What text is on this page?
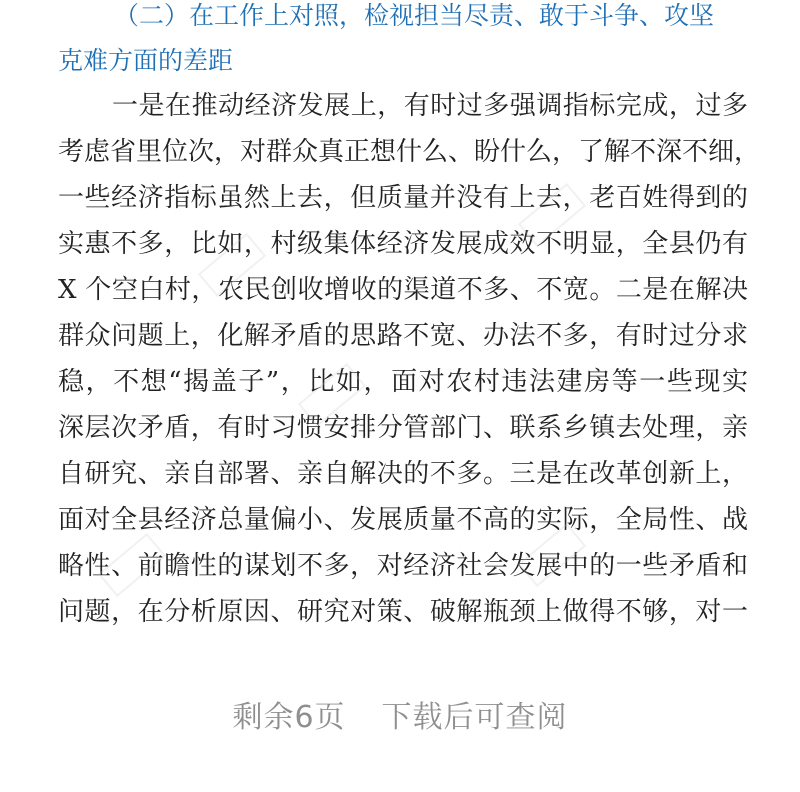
（二）在工作上对照，检视担当尽责、敢于斗争、攻坚
克难方面的差距
一是在推动经济发展上，有时过多强调指标完成，过多
考虑省里位次，对群众真正想什么、盼什么，了解不深不细，
一些经济指标虽然上去，但质量并没有上去，老百姓得到的
实惠不多，比如，村级集体经济发展成效不明显，全县仍有
X 个空白村，农民创收增收的渠道不多、不宽。二是在解决
群众问题上，化解矛盾的思路不宽、办法不多，有时过分求
稳，不想“揭盖子”，比如，面对农村违法建房等一些现实
深层次矛盾，有时习惯安排分管部门、联系乡镇去处理，亲
自研究、亲自部署、亲自解决的不多。三是在改革创新上，
面对全县经济总量偏小、发展质量不高的实际，全局性、战
略性、前瞻性的谋划不多，对经济社会发展中的一些矛盾和
问题，在分析原因、研究对策、破解瓶颈上做得不够，对一
剩余6页 下载后可查阅
